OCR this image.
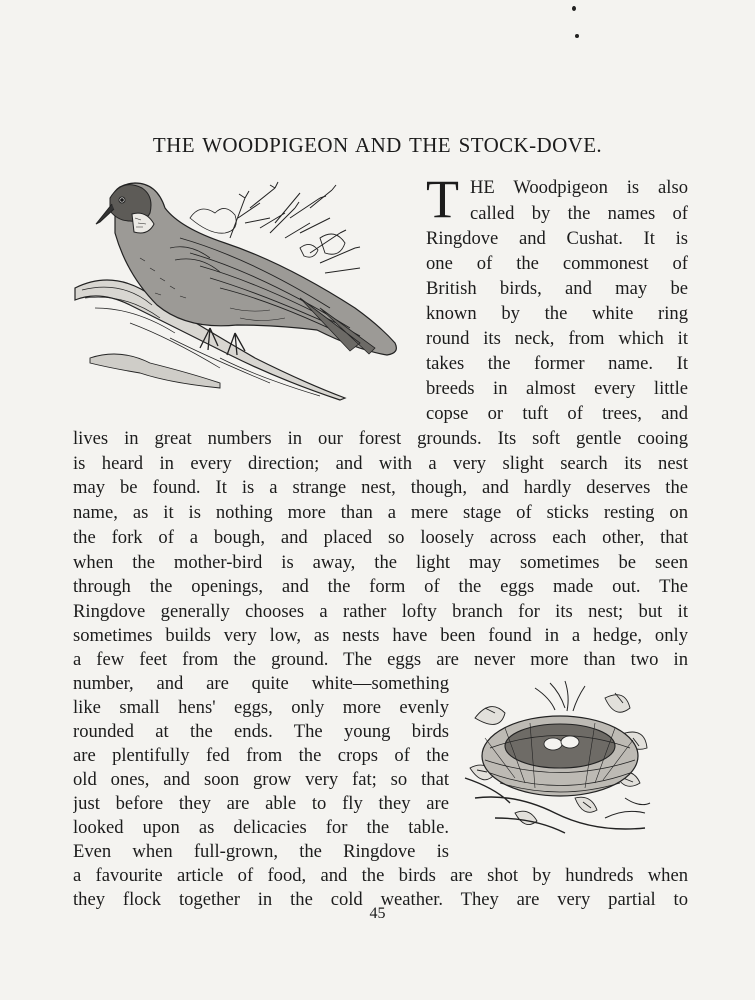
THE WOODPIGEON AND THE STOCK-DOVE.
T HE Woodpigeon is also
called by the names of
Ringdove and Cushat. It is
one of the commonest of
British birds, and may be
known by the white ring
round its neck, from which it
takes the former name. It
breeds in almost every little
copse or tuft of trees, and
lives in great numbers in our forest grounds. Its soft gentle cooing
is heard in every direction; and with a very slight search its nest
may be found. It is a strange nest, though, and hardly deserves the
name, as it is nothing more than a mere stage of sticks resting on
the fork of a bough, and placed so loosely across each other, that
when the mother-bird is away, the light may sometimes be seen
through the openings, and the form of the eggs made out. The
Ringdove generally chooses a rather lofty branch for its nest; but it
sometimes builds very low, as nests have been found in a hedge, only
a few feet from the ground. The eggs are never more than two in
number, and are quite white—something
like small hens' eggs, only more evenly
rounded at the ends. The young birds
are plentifully fed from the crops of the
old ones, and soon grow very fat; so that
just before they are able to fly they are
looked upon as delicacies for the table.
Even when full-grown, the Ringdove is
a favourite article of food, and the birds are shot by hundreds when
they flock together in the cold weather. They are very partial to
45
